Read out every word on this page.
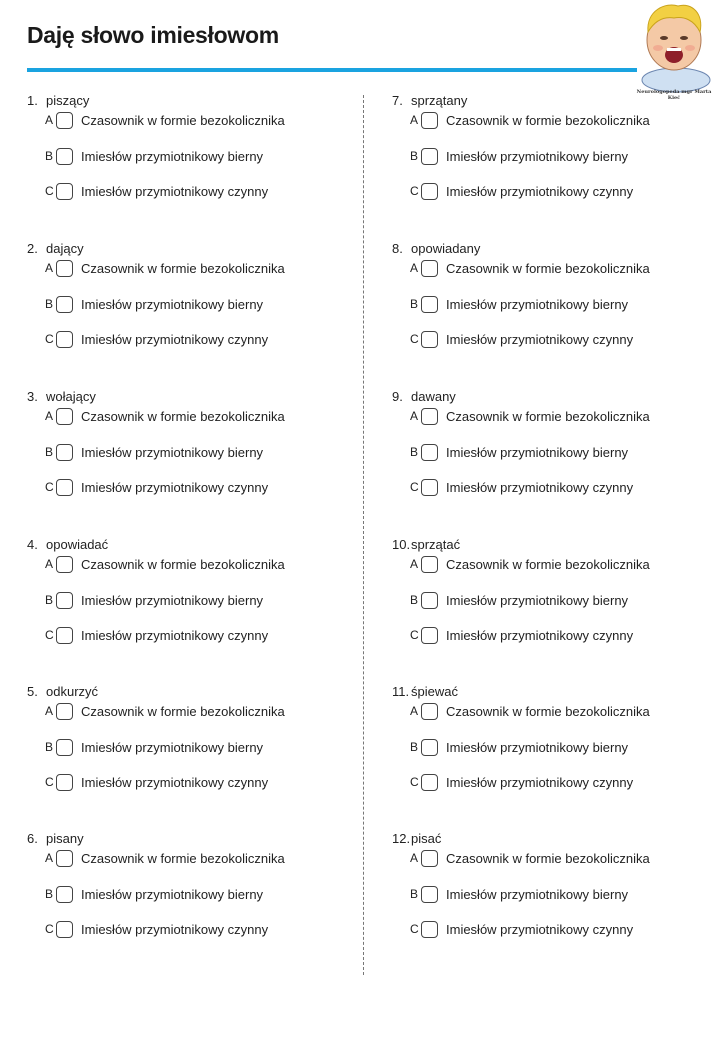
Daję słowo imiesłowom
Neurologopeda mgr Marta Kieć
1. piszący
A Czasownik w formie bezokolicznika
B Imiesłów przymiotnikowy bierny
C Imiesłów przymiotnikowy czynny
2. dający
A Czasownik w formie bezokolicznika
B Imiesłów przymiotnikowy bierny
C Imiesłów przymiotnikowy czynny
3. wołający
A Czasownik w formie bezokolicznika
B Imiesłów przymiotnikowy bierny
C Imiesłów przymiotnikowy czynny
4. opowiadać
A Czasownik w formie bezokolicznika
B Imiesłów przymiotnikowy bierny
C Imiesłów przymiotnikowy czynny
5. odkurzyć
A Czasownik w formie bezokolicznika
B Imiesłów przymiotnikowy bierny
C Imiesłów przymiotnikowy czynny
6. pisany
A Czasownik w formie bezokolicznika
B Imiesłów przymiotnikowy bierny
C Imiesłów przymiotnikowy czynny
7. sprzątany
A Czasownik w formie bezokolicznika
B Imiesłów przymiotnikowy bierny
C Imiesłów przymiotnikowy czynny
8. opowiadany
A Czasownik w formie bezokolicznika
B Imiesłów przymiotnikowy bierny
C Imiesłów przymiotnikowy czynny
9. dawany
A Czasownik w formie bezokolicznika
B Imiesłów przymiotnikowy bierny
C Imiesłów przymiotnikowy czynny
10.sprzątać
A Czasownik w formie bezokolicznika
B Imiesłów przymiotnikowy bierny
C Imiesłów przymiotnikowy czynny
11. śpiewać
A Czasownik w formie bezokolicznika
B Imiesłów przymiotnikowy bierny
C Imiesłów przymiotnikowy czynny
12.pisać
A Czasownik w formie bezokolicznika
B Imiesłów przymiotnikowy bierny
C Imiesłów przymiotnikowy czynny
